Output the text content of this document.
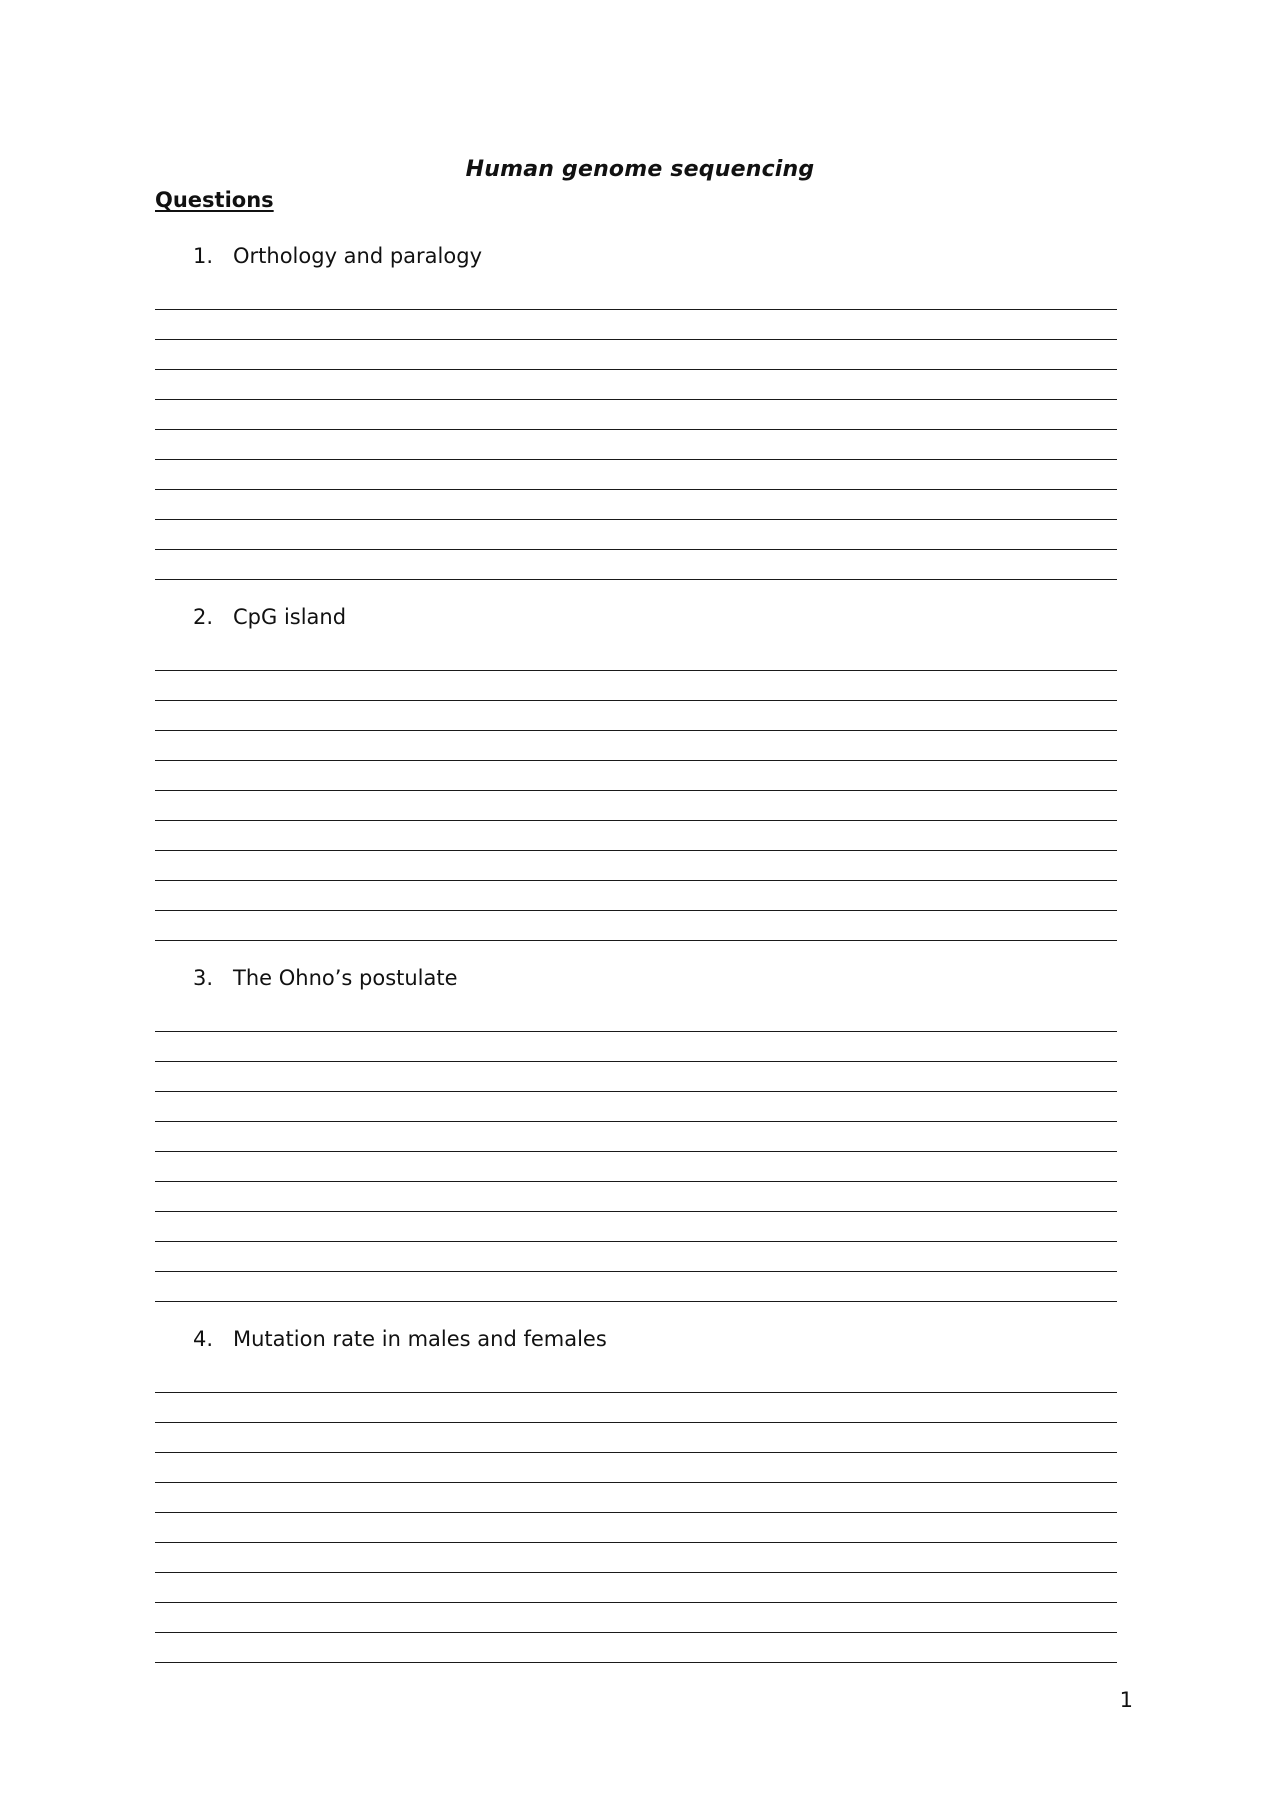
Human genome sequencing
Questions
1. Orthology and paralogy
2. CpG island
3. The Ohno’s postulate
4. Mutation rate in males and females
1
